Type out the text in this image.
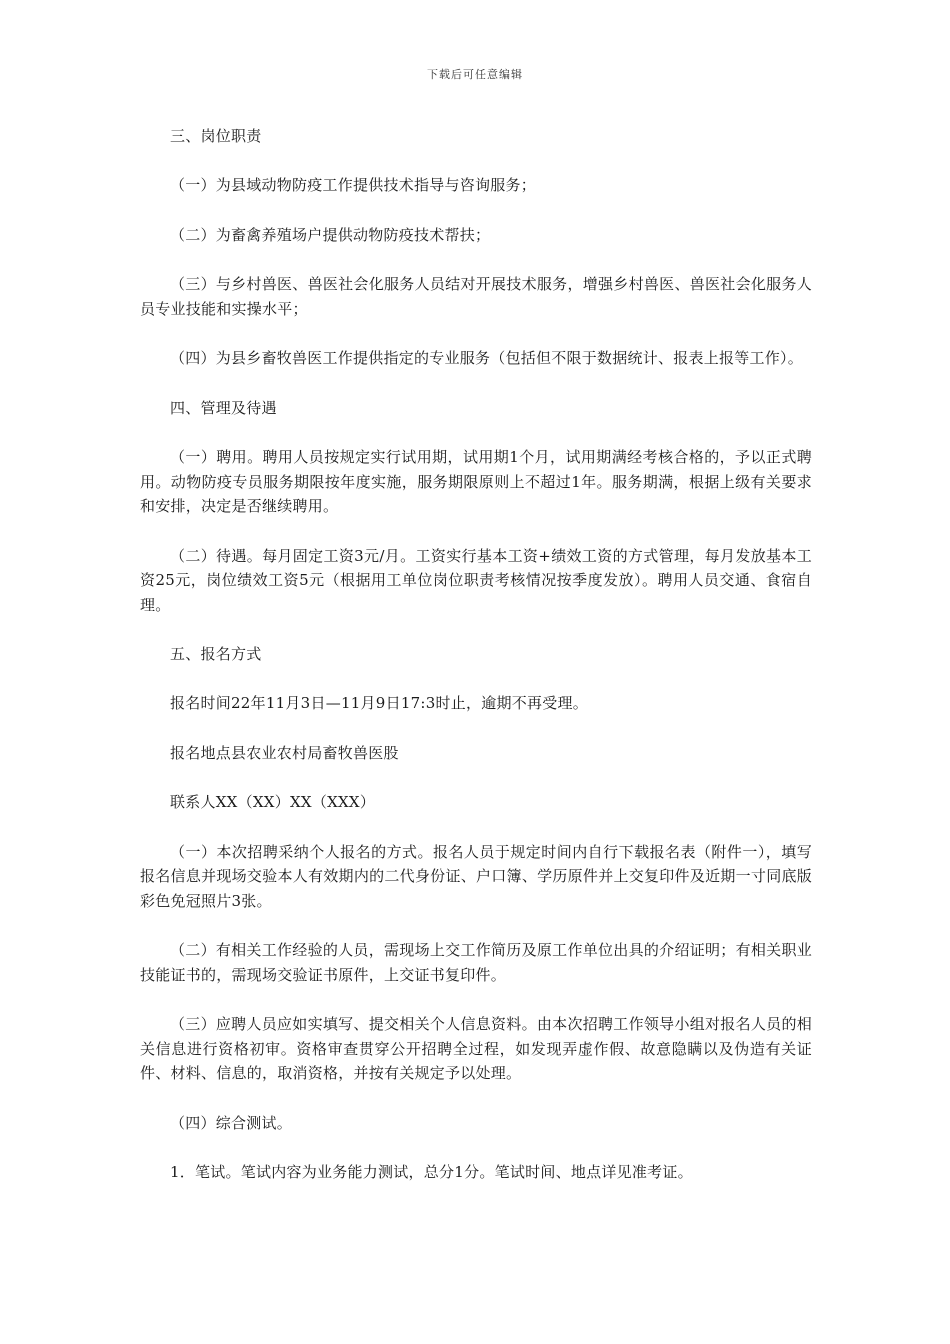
下载后可任意编辑

三、岗位职责

（一）为县域动物防疫工作提供技术指导与咨询服务；

（二）为畜禽养殖场户提供动物防疫技术帮扶；

（三）与乡村兽医、兽医社会化服务人员结对开展技术服务，增强乡村兽医、兽医社会化服务人员专业技能和实操水平；

（四）为县乡畜牧兽医工作提供指定的专业服务（包括但不限于数据统计、报表上报等工作）。

四、管理及待遇

（一）聘用。聘用人员按规定实行试用期，试用期1个月，试用期满经考核合格的，予以正式聘用。动物防疫专员服务期限按年度实施，服务期限原则上不超过1年。服务期满，根据上级有关要求和安排，决定是否继续聘用。

（二）待遇。每月固定工资3元/月。工资实行基本工资+绩效工资的方式管理，每月发放基本工资25元，岗位绩效工资5元（根据用工单位岗位职责考核情况按季度发放）。聘用人员交通、食宿自理。

五、报名方式

报名时间22年11月3日—11月9日17:3时止，逾期不再受理。

报名地点县农业农村局畜牧兽医股

联系人XX（XX）XX（XXX）

（一）本次招聘采纳个人报名的方式。报名人员于规定时间内自行下载报名表（附件一），填写报名信息并现场交验本人有效期内的二代身份证、户口簿、学历原件并上交复印件及近期一寸同底版彩色免冠照片3张。

（二）有相关工作经验的人员，需现场上交工作简历及原工作单位出具的介绍证明；有相关职业技能证书的，需现场交验证书原件，上交证书复印件。

（三）应聘人员应如实填写、提交相关个人信息资料。由本次招聘工作领导小组对报名人员的相关信息进行资格初审。资格审查贯穿公开招聘全过程，如发现弄虚作假、故意隐瞒以及伪造有关证件、材料、信息的，取消资格，并按有关规定予以处理。

（四）综合测试。

1．笔试。笔试内容为业务能力测试，总分1分。笔试时间、地点详见准考证。
